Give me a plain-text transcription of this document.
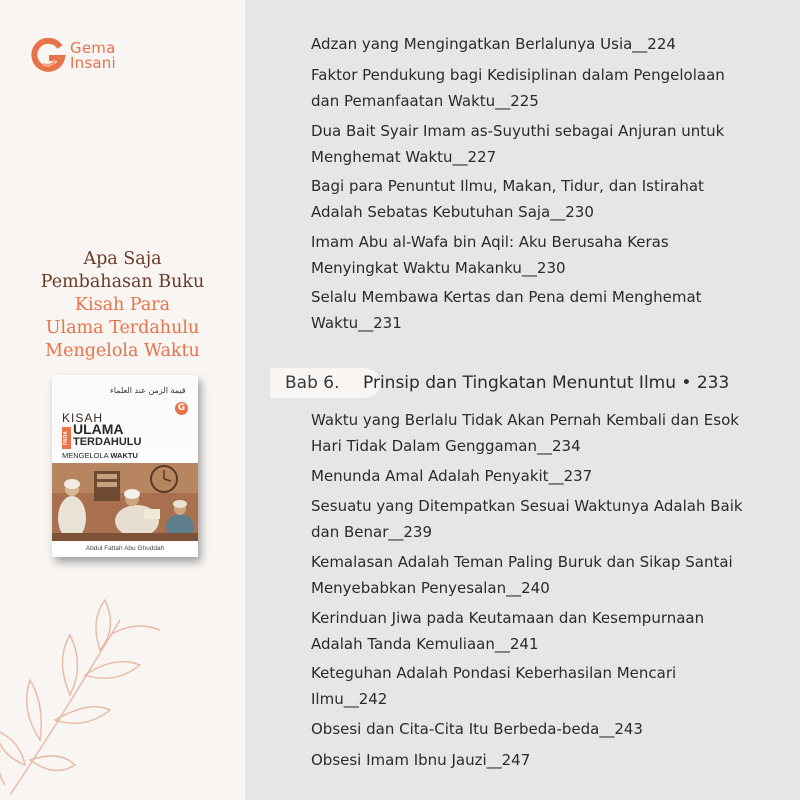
Gema
Insani
Apa Saja
Pembahasan Buku
Kisah Para
Ulama Terdahulu
Mengelola Waktu
قيمة الزمن عند العلماء
G
KISAH
PARA
ULAMA
TERDAHULU
MENGELOLA WAKTU
Abdul Fattah Abu Ghuddah
Adzan yang Mengingatkan Berlalunya Usia__224
Faktor Pendukung bagi Kedisiplinan dalam Pengelolaan
dan Pemanfaatan Waktu__225
Dua Bait Syair Imam as-Suyuthi sebagai Anjuran untuk
Menghemat Waktu__227
Bagi para Penuntut Ilmu, Makan, Tidur, dan Istirahat
Adalah Sebatas Kebutuhan Saja__230
Imam Abu al-Wafa bin Aqil: Aku Berusaha Keras
Menyingkat Waktu Makanku__230
Selalu Membawa Kertas dan Pena demi Menghemat
Waktu__231
Waktu yang Berlalu Tidak Akan Pernah Kembali dan Esok
Hari Tidak Dalam Genggaman__234
Menunda Amal Adalah Penyakit__237
Sesuatu yang Ditempatkan Sesuai Waktunya Adalah Baik
dan Benar__239
Kemalasan Adalah Teman Paling Buruk dan Sikap Santai
Menyebabkan Penyesalan__240
Kerinduan Jiwa pada Keutamaan dan Kesempurnaan
Adalah Tanda Kemuliaan__241
Keteguhan Adalah Pondasi Keberhasilan Mencari
Ilmu__242
Obsesi dan Cita-Cita Itu Berbeda-beda__243
Obsesi Imam Ibnu Jauzi__247
Bab 6. Prinsip dan Tingkatan Menuntut Ilmu • 233
